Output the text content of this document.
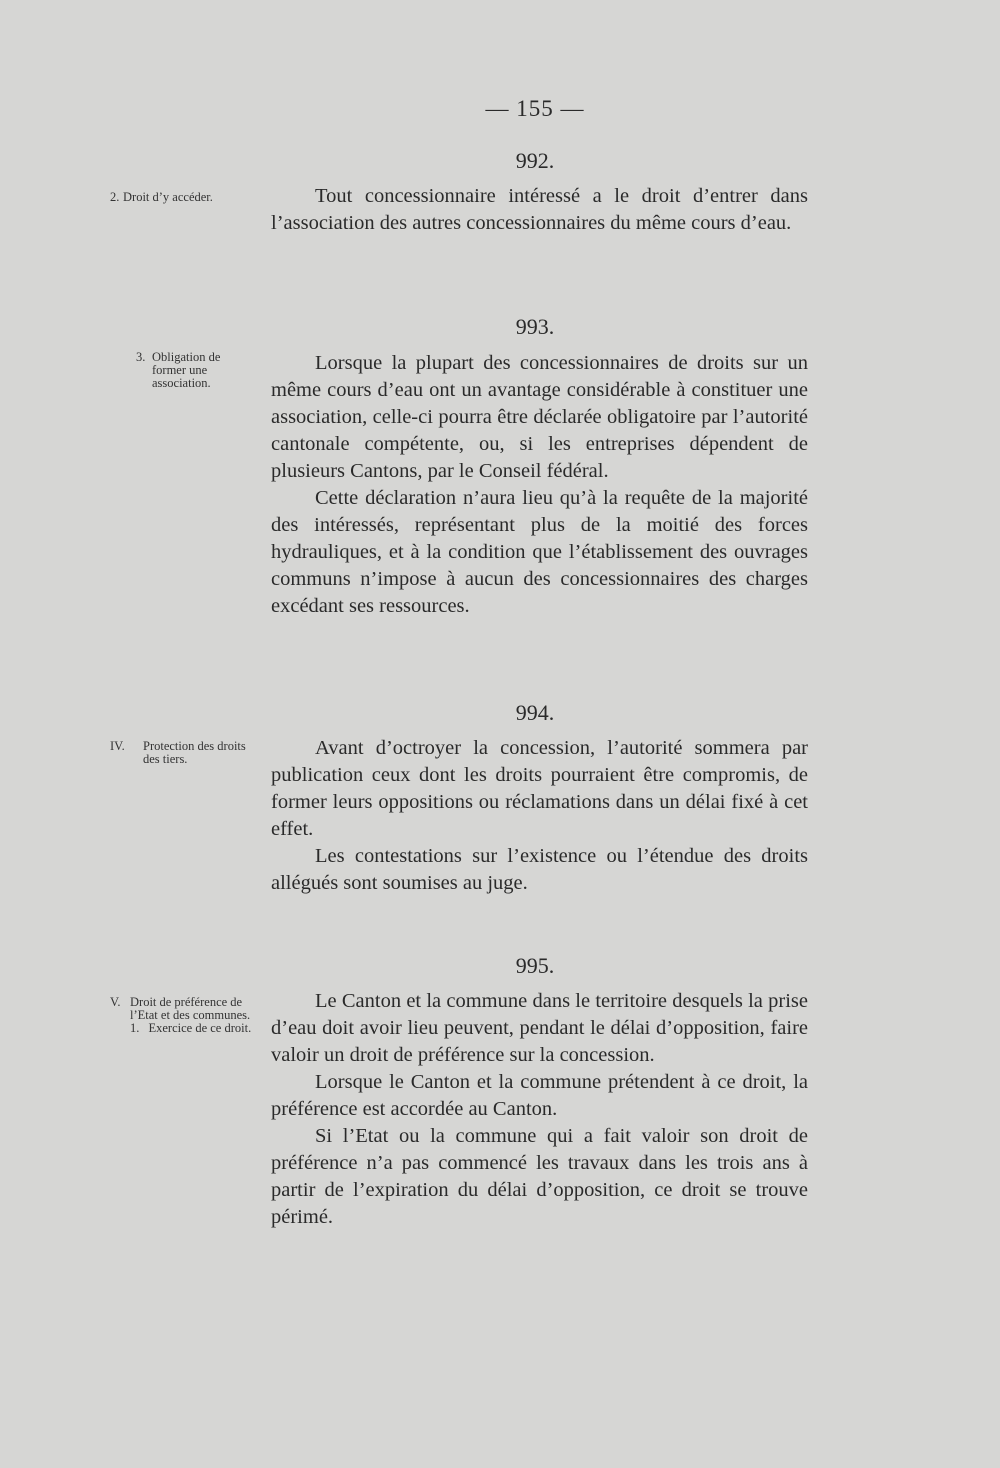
— 155 —
992.
2. Droit d’y accéder.	Tout concessionnaire intéressé a le droit d’entrer dans l’association des autres concessionnaires du même cours d’eau.

993.
3. Obligation de former une association.

Lorsque la plupart des concessionnaires de droits sur un même cours d’eau ont un avantage considérable à constituer une association, celle-ci pourra être déclarée obligatoire par l’autorité cantonale compétente, ou, si les entreprises dépendent de plusieurs Cantons, par le Conseil fédéral.

Cette déclaration n’aura lieu qu’à la requête de la majorité des intéressés, représentant plus de la moitié des forces hydrauliques, et à la condition que l’établissement des ouvrages communs n’impose à aucun des concessionnaires des charges excédant ses ressources.

994.
IV.	Protection des droits des tiers.	Avant d’octroyer la concession, l’autorité sommera par publication ceux dont les droits pourraient être compromis, de former leurs oppositions ou réclamations dans un délai fixé à cet effet.

Les contestations sur l’existence ou l’étendue des droits allégués sont soumises au juge.

995.
V. Droit de préférence de l’Etat et des communes.
1. Exercice de ce droit.

Le Canton et la commune dans le territoire desquels la prise d’eau doit avoir lieu peuvent, pendant le délai d’opposition, faire valoir un droit de préférence sur la concession.

Lorsque le Canton et la commune prétendent à ce droit, la préférence est accordée au Canton.

Si l’Etat ou la commune qui a fait valoir son droit de préférence n’a pas commencé les travaux dans les trois ans à partir de l’expiration du délai d’opposition, ce droit se trouve périmé.
